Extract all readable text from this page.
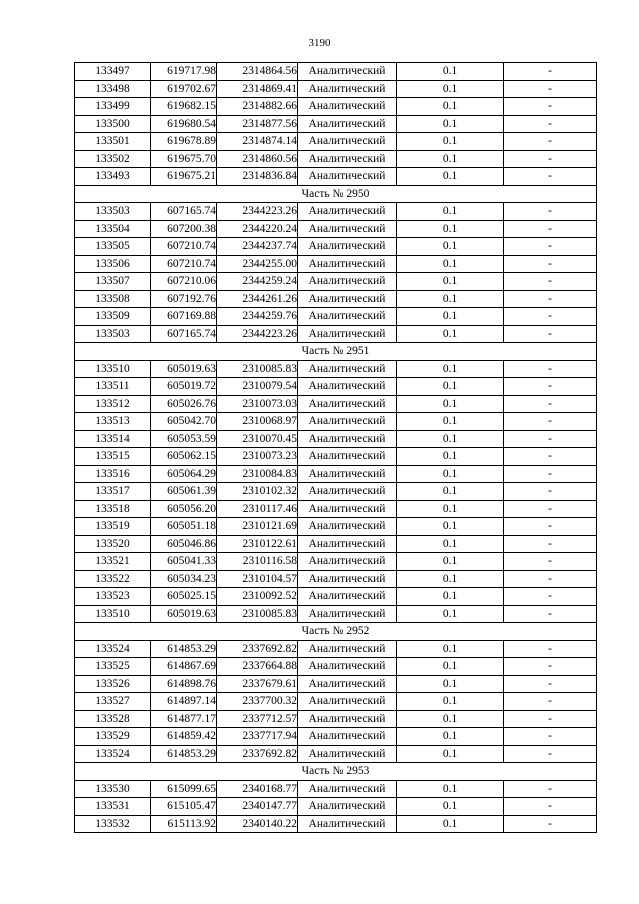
3190
133497	619717.98	2314864.56	Аналитический	0.1	-
133498	619702.67	2314869.41	Аналитический	0.1	-
133499	619682.15	2314882.66	Аналитический	0.1	-
133500	619680.54	2314877.56	Аналитический	0.1	-
133501	619678.89	2314874.14	Аналитический	0.1	-
133502	619675.70	2314860.56	Аналитический	0.1	-
133493	619675.21	2314836.84	Аналитический	0.1	-
Часть № 2950					
133503	607165.74	2344223.26	Аналитический	0.1	-
133504	607200.38	2344220.24	Аналитический	0.1	-
133505	607210.74	2344237.74	Аналитический	0.1	-
133506	607210.74	2344255.00	Аналитический	0.1	-
133507	607210.06	2344259.24	Аналитический	0.1	-
133508	607192.76	2344261.26	Аналитический	0.1	-
133509	607169.88	2344259.76	Аналитический	0.1	-
133503	607165.74	2344223.26	Аналитический	0.1	-
Часть № 2951					
133510	605019.63	2310085.83	Аналитический	0.1	-
133511	605019.72	2310079.54	Аналитический	0.1	-
133512	605026.76	2310073.03	Аналитический	0.1	-
133513	605042.70	2310068.97	Аналитический	0.1	-
133514	605053.59	2310070.45	Аналитический	0.1	-
133515	605062.15	2310073.23	Аналитический	0.1	-
133516	605064.29	2310084.83	Аналитический	0.1	-
133517	605061.39	2310102.32	Аналитический	0.1	-
133518	605056.20	2310117.46	Аналитический	0.1	-
133519	605051.18	2310121.69	Аналитический	0.1	-
133520	605046.86	2310122.61	Аналитический	0.1	-
133521	605041.33	2310116.58	Аналитический	0.1	-
133522	605034.23	2310104.57	Аналитический	0.1	-
133523	605025.15	2310092.52	Аналитический	0.1	-
133510	605019.63	2310085.83	Аналитический	0.1	-
Часть № 2952					
133524	614853.29	2337692.82	Аналитический	0.1	-
133525	614867.69	2337664.88	Аналитический	0.1	-
133526	614898.76	2337679.61	Аналитический	0.1	-
133527	614897.14	2337700.32	Аналитический	0.1	-
133528	614877.17	2337712.57	Аналитический	0.1	-
133529	614859.42	2337717.94	Аналитический	0.1	-
133524	614853.29	2337692.82	Аналитический	0.1	-
Часть № 2953					
133530	615099.65	2340168.77	Аналитический	0.1	-
133531	615105.47	2340147.77	Аналитический	0.1	-
133532	615113.92	2340140.22	Аналитический	0.1	-
